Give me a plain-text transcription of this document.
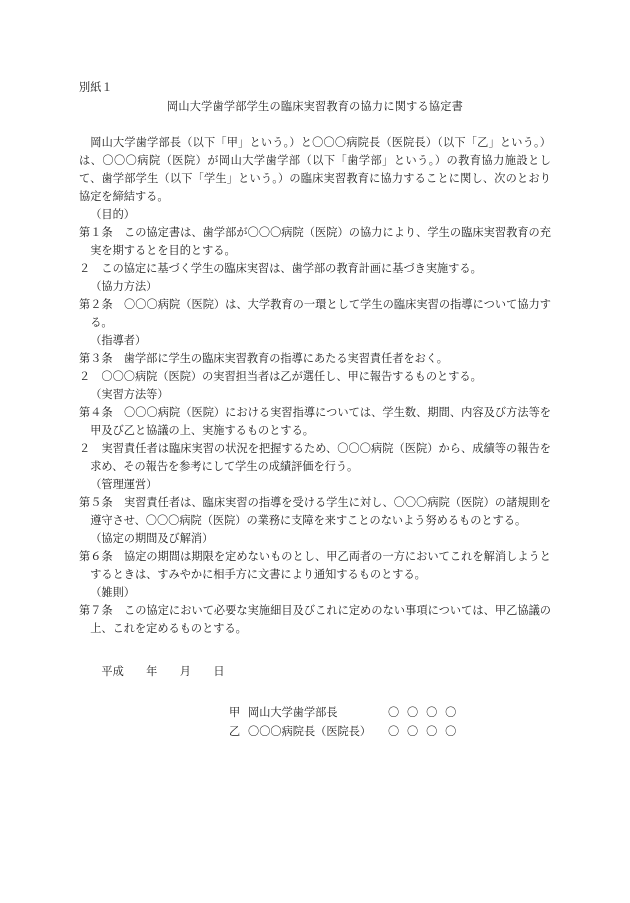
別紙１
岡山大学歯学部学生の臨床実習教育の協力に関する協定書

岡山大学歯学部長（以下「甲」という。）と〇〇〇病院長（医院長）（以下「乙」という。）は、〇〇〇病院（医院）が岡山大学歯学部（以下「歯学部」という。）の教育協力施設として、歯学部学生（以下「学生」という。）の臨床実習教育に協力することに関し、次のとおり協定を締結する。

（目的）

第１条　この協定書は、歯学部が〇〇〇病院（医院）の協力により、学生の臨床実習教育の充実を期するとを目的とする。

２　この協定に基づく学生の臨床実習は、歯学部の教育計画に基づき実施する。

（協力方法）

第２条　〇〇〇病院（医院）は、大学教育の一環として学生の臨床実習の指導について協力する。

（指導者）

第３条　歯学部に学生の臨床実習教育の指導にあたる実習責任者をおく。

２　〇〇〇病院（医院）の実習担当者は乙が選任し、甲に報告するものとする。

（実習方法等）

第４条　〇〇〇病院（医院）における実習指導については、学生数、期間、内容及び方法等を甲及び乙と協議の上、実施するものとする。

２　実習責任者は臨床実習の状況を把握するため、〇〇〇病院（医院）から、成績等の報告を求め、その報告を参考にして学生の成績評価を行う。

（管理運営）

第５条　実習責任者は、臨床実習の指導を受ける学生に対し、〇〇〇病院（医院）の諸規則を遵守させ、〇〇〇病院（医院）の業務に支障を来すことのないよう努めるものとする。

（協定の期間及び解消）

第６条　協定の期間は期限を定めないものとし、甲乙両者の一方においてこれを解消しようとするときは、すみやかに相手方に文書により通知するものとする。

（雑則）

第７条　この協定において必要な実施細目及びこれに定めのない事項については、甲乙協議の上、これを定めるものとする。

平成 年 月 日
甲 岡山大学歯学部長	〇〇〇〇
乙 〇〇〇病院長（医院長） 〇〇〇〇
